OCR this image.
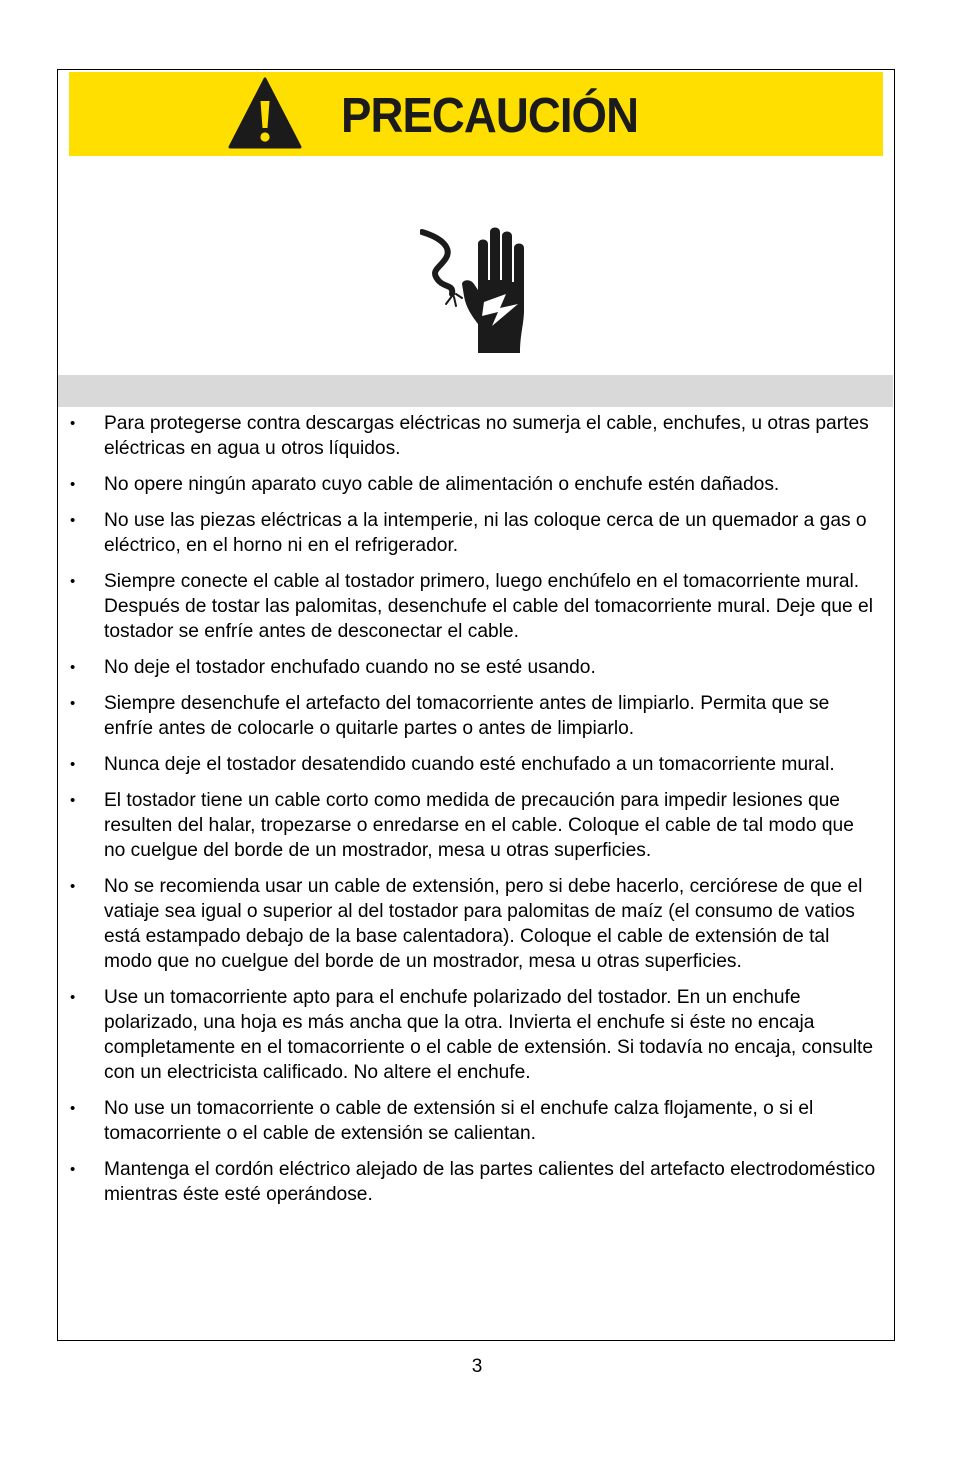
PRECAUCIÓN
• Para protegerse contra descargas eléctricas no sumerja el cable, enchufes, u otras partes eléctricas en agua u otros líquidos.
• No opere ningún aparato cuyo cable de alimentación o enchufe estén dañados.
• No use las piezas eléctricas a la intemperie, ni las coloque cerca de un quemador a gas o eléctrico, en el horno ni en el refrigerador.
• Siempre conecte el cable al tostador primero, luego enchúfelo en el tomacorriente mural. Después de tostar las palomitas, desenchufe el cable del tomacorriente mural. Deje que el tostador se enfríe antes de desconectar el cable.
• No deje el tostador enchufado cuando no se esté usando.
• Siempre desenchufe el artefacto del tomacorriente antes de limpiarlo. Permita que se enfríe antes de colocarle o quitarle partes o antes de limpiarlo.
• Nunca deje el tostador desatendido cuando esté enchufado a un tomacorriente mural.
• El tostador tiene un cable corto como medida de precaución para impedir lesiones que resulten del halar, tropezarse o enredarse en el cable. Coloque el cable de tal modo que no cuelgue del borde de un mostrador, mesa u otras superficies.
• No se recomienda usar un cable de extensión, pero si debe hacerlo, cerciórese de que el vatiaje sea igual o superior al del tostador para palomitas de maíz (el consumo de vatios está estampado debajo de la base calentadora). Coloque el cable de extensión de tal modo que no cuelgue del borde de un mostrador, mesa u otras superficies.
• Use un tomacorriente apto para el enchufe polarizado del tostador. En un enchufe polarizado, una hoja es más ancha que la otra. Invierta el enchufe si éste no encaja completamente en el tomacorriente o el cable de extensión. Si todavía no encaja, consulte con un electricista calificado. No altere el enchufe.
• No use un tomacorriente o cable de extensión si el enchufe calza flojamente, o si el tomacorriente o el cable de extensión se calientan.
• Mantenga el cordón eléctrico alejado de las partes calientes del artefacto electrodoméstico mientras éste esté operándose.
3
